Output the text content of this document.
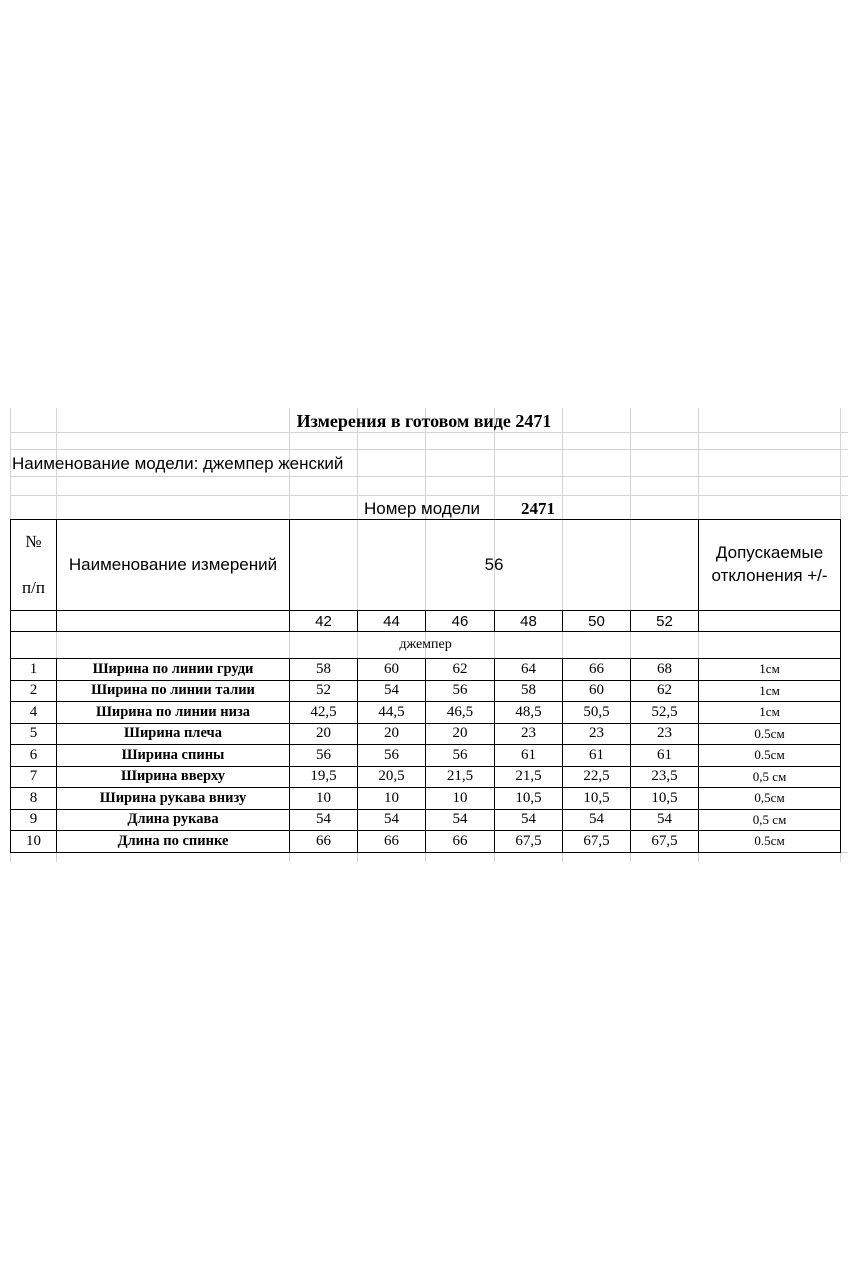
Измерения в готовом виде 2471
Наименование модели: джемпер женский
Номер модели 2471
№
п/п	Наименование измерений	56						Допускаемые
отклонения +/-
		42	44	46	48	50	52	
джемпер								
1	Ширина по линии груди	58	60	62	64	66	68	1см
2	Ширина по линии талии	52	54	56	58	60	62	1см
4	Ширина по линии низа	42,5	44,5	46,5	48,5	50,5	52,5	1см
5	Ширина плеча	20	20	20	23	23	23	0.5см
6	Ширина спины	56	56	56	61	61	61	0.5см
7	Ширина вверху	19,5	20,5	21,5	21,5	22,5	23,5	0,5 см
8	Ширина рукава внизу	10	10	10	10,5	10,5	10,5	0,5см
9	Длина рукава	54	54	54	54	54	54	0,5 см
10	Длина по спинке	66	66	66	67,5	67,5	67,5	0.5см
